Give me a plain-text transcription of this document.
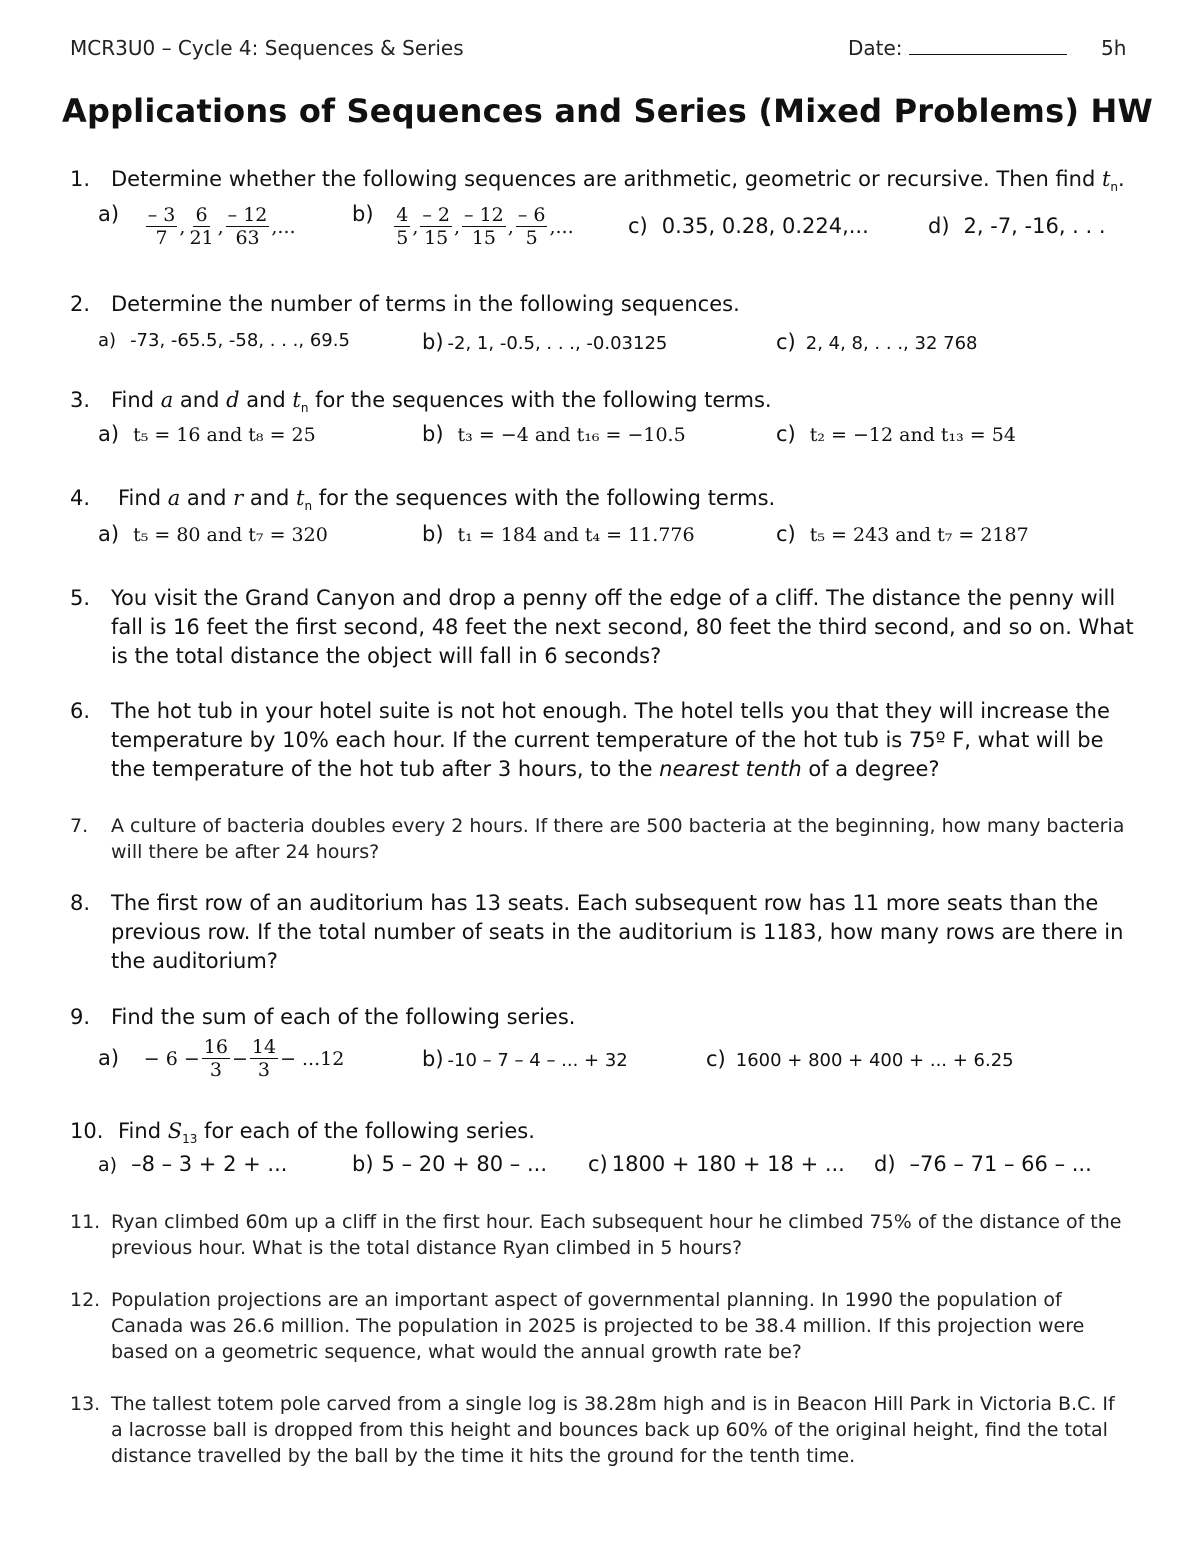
MCR3U0 – Cycle 4: Sequences & Series	Date:	5h
Applications of Sequences and Series (Mixed Problems) HW
1. Determine whether the following sequences are arithmetic, geometric or recursive. Then find $t_n$.
$a) \frac{- 3}{7}$ , $\frac{6}{21}$ , $\frac{- 12}{63}$ ,...
$b) \frac{4}{5}$ , $\frac{- 2}{15}$ , $\frac{- 12}{15}$ , $\frac{- 6}{5}$ ,...	c) 0.35, 0.28, 0.224,...	d) 2, -7, -16, . . .
2. Determine the number of terms in the following sequences.
a) -73, -65.5, -58, . . ., 69.5	b) -2, 1, -0.5, . . ., -0.03125	c) 2, 4, 8, . . ., 32 768
3. Find a and d and $t_n$ for the sequences with the following terms.
a) t₅ = 16 and t₈ = 25	b) t₃ = −4 and t₁₆ = −10.5	c) t₂ = −12 and t₁₃ = 54
4.	Find a and r and $t_n$ for the sequences with the following terms.
a) t₅ = 80 and t₇ = 320	b) t₁ = 184 and t₄ = 11.776	c) t₅ = 243 and t₇ = 2187
5. You visit the Grand Canyon and drop a penny off the edge of a cliff. The distance the penny will fall is 16 feet the first second, 48 feet the next second, 80 feet the third second, and so on. What is the total distance the object will fall in 6 seconds?
6. The hot tub in your hotel suite is not hot enough. The hotel tells you that they will increase the temperature by 10% each hour. If the current temperature of the hot tub is 75º F, what will be the temperature of the hot tub after 3 hours, to the nearest tenth of a degree?
7.	A culture of bacteria doubles every 2 hours. If there are 500 bacteria at the beginning, how many bacteria will there be after 24 hours?
8. The first row of an auditorium has 13 seats. Each subsequent row has 11 more seats than the previous row. If the total number of seats in the auditorium is 1183, how many rows are there in the auditorium?
9. Find the sum of each of the following series.
$a) - 6 - \frac{16}{3} - \frac{14}{3} - ...12$	b) -10 – 7 – 4 – ... + 32	c) 1600 + 800 + 400 + ... + 6.25
10. Find $S_{13}$ for each of the following series.
a) –8 – 3 + 2 + ...	b) 5 – 20 + 80 – ... c) 1800 + 180 + 18 + ... d) –76 – 71 – 66 – ...
11. Ryan climbed 60m up a cliff in the first hour. Each subsequent hour he climbed 75% of the distance of the previous hour. What is the total distance Ryan climbed in 5 hours?
12. Population projections are an important aspect of governmental planning. In 1990 the population of Canada was 26.6 million. The population in 2025 is projected to be 38.4 million. If this projection were based on a geometric sequence, what would the annual growth rate be?
13. The tallest totem pole carved from a single log is 38.28m high and is in Beacon Hill Park in Victoria B.C. If a lacrosse ball is dropped from this height and bounces back up 60% of the original height, find the total distance travelled by the ball by the time it hits the ground for the tenth time.
